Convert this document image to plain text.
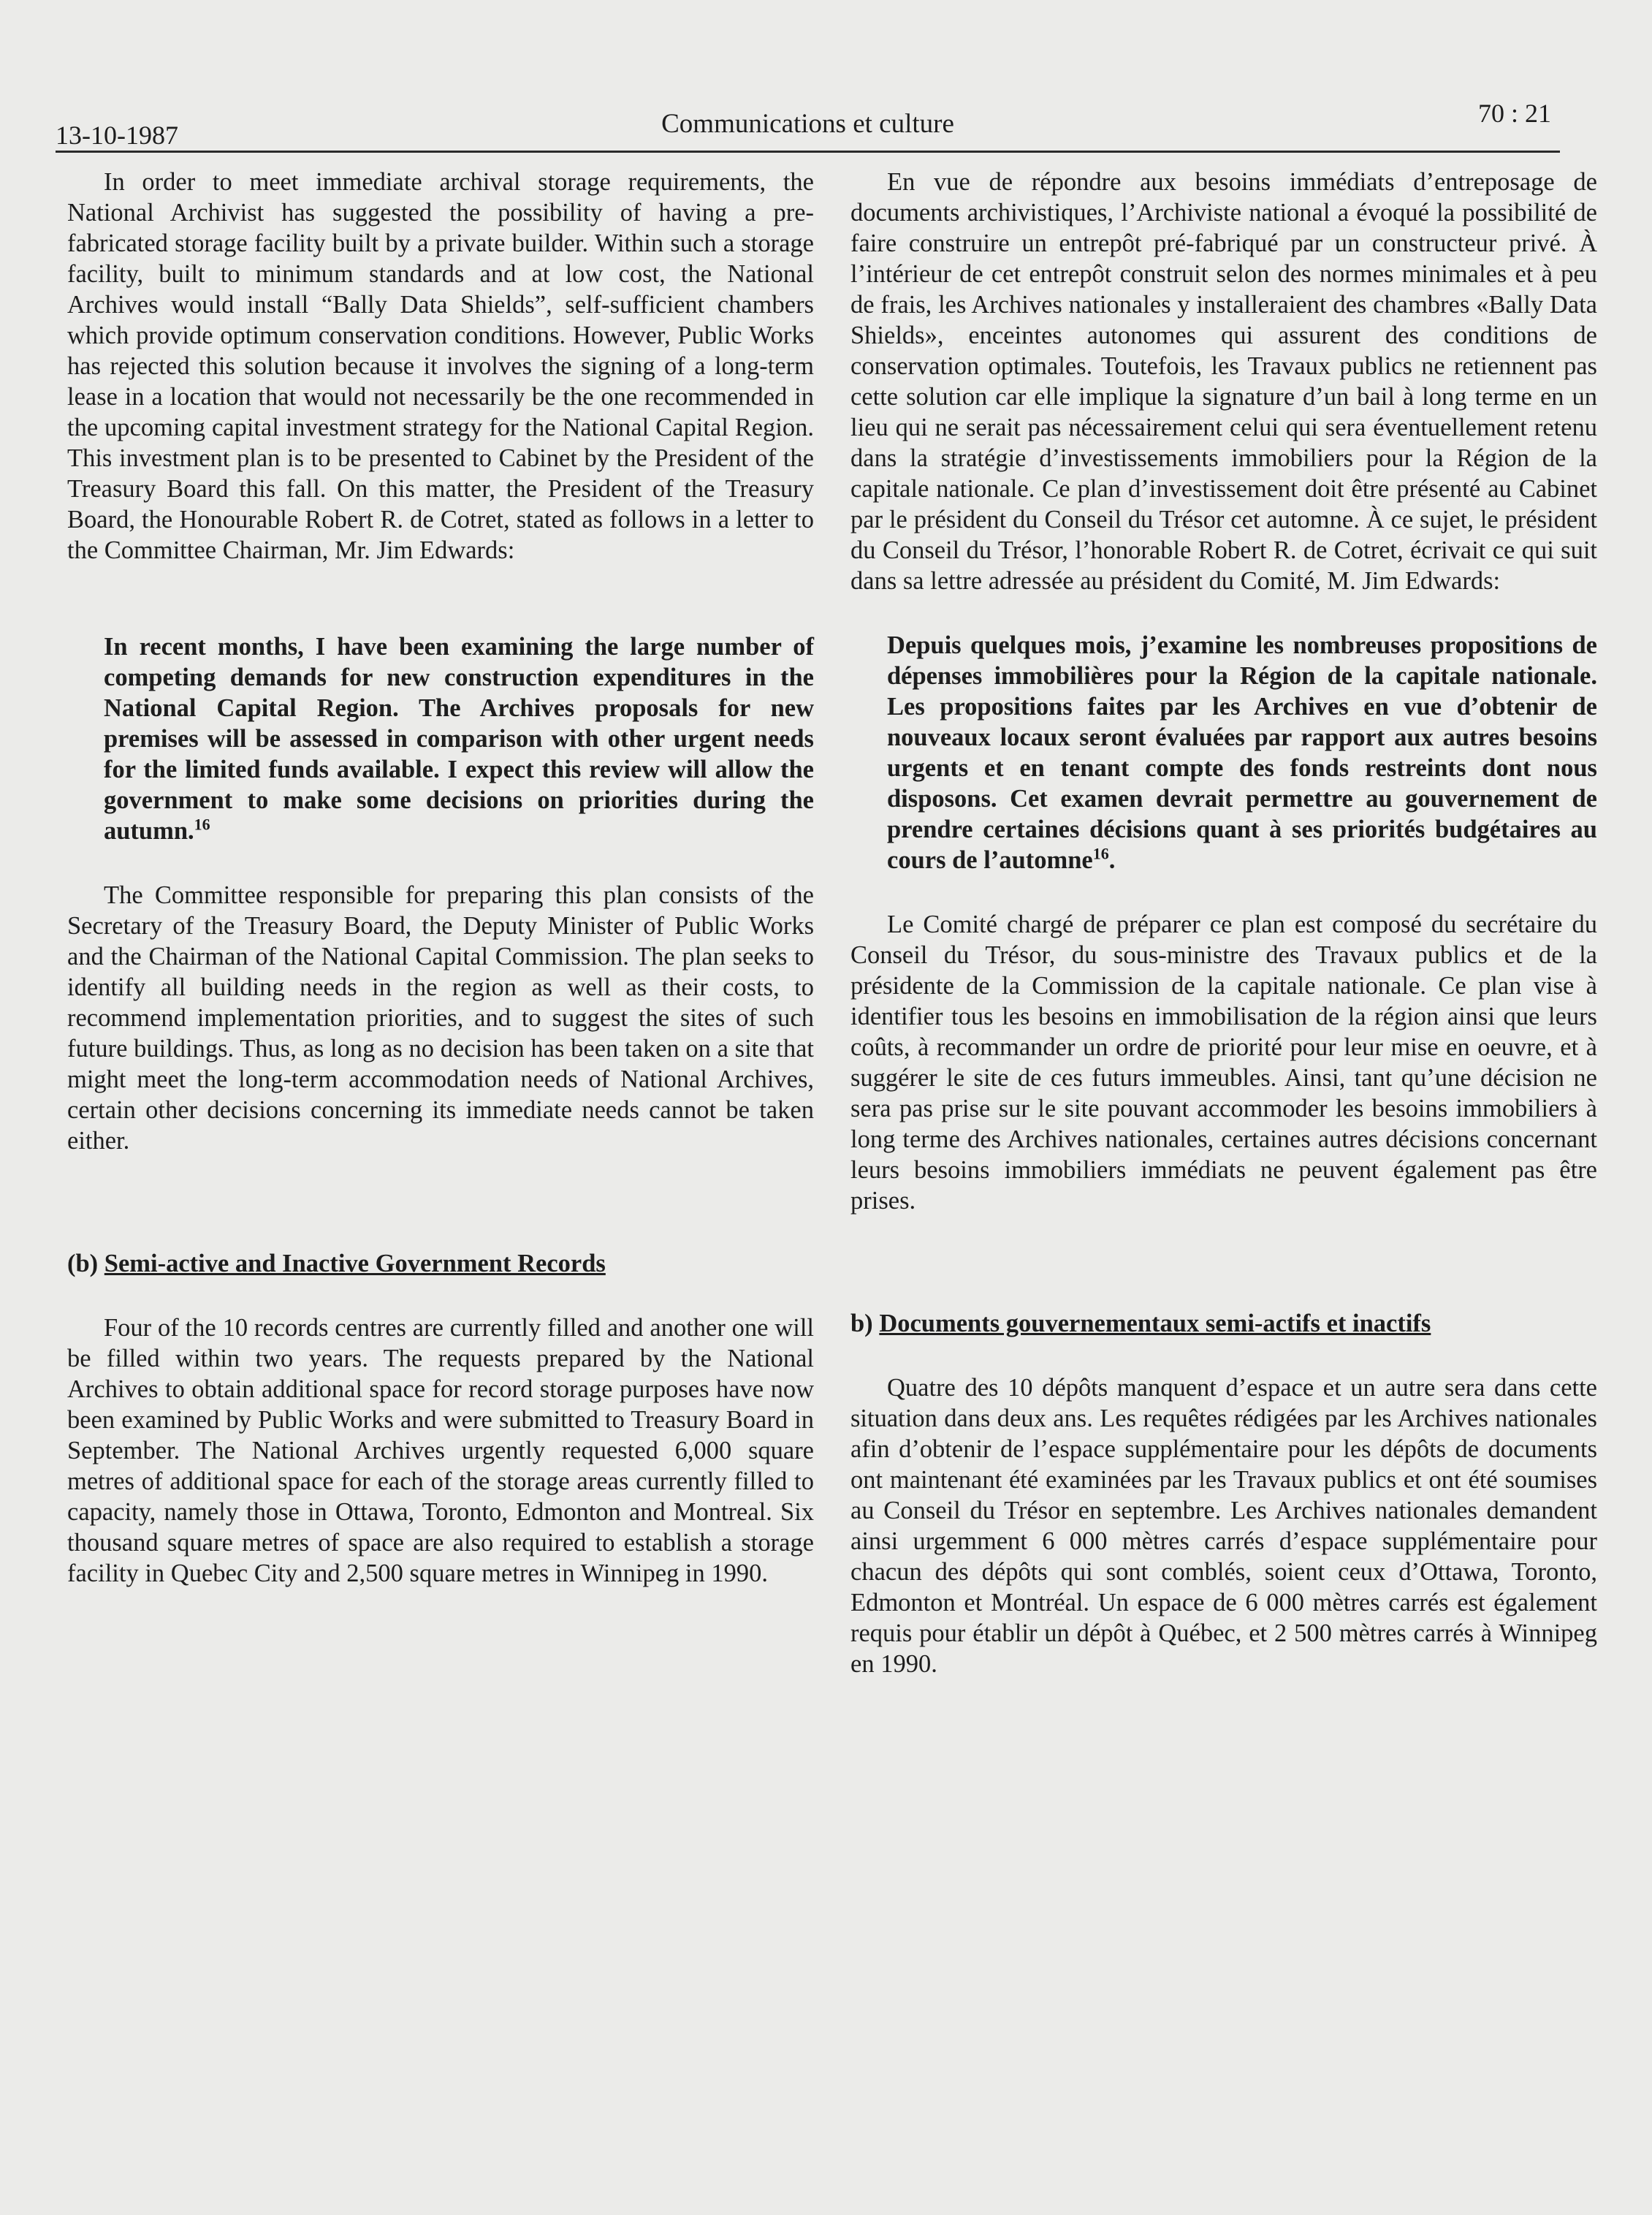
13-10-1987	Communications et culture	70 : 21

In order to meet immediate archival storage requirements, the National Archivist has suggested the possibility of having a pre-fabricated storage facility built by a private builder. Within such a storage facility, built to minimum standards and at low cost, the National Archives would install “Bally Data Shields”, self-sufficient chambers which provide optimum conservation conditions. However, Public Works has rejected this solution because it involves the signing of a long-term lease in a location that would not necessarily be the one recommended in the upcoming capital investment strategy for the National Capital Region. This investment plan is to be presented to Cabinet by the President of the Treasury Board this fall. On this matter, the President of the Treasury Board, the Honourable Robert R. de Cotret, stated as follows in a letter to the Committee Chairman, Mr. Jim Edwards:

In recent months, I have been examining the large number of competing demands for new construction expenditures in the National Capital Region. The Archives proposals for new premises will be assessed in comparison with other urgent needs for the limited funds available. I expect this review will allow the government to make some decisions on priorities during the autumn.$^{16}$

The Committee responsible for preparing this plan consists of the Secretary of the Treasury Board, the Deputy Minister of Public Works and the Chairman of the National Capital Commission. The plan seeks to identify all building needs in the region as well as their costs, to recommend implementation priorities, and to suggest the sites of such future buildings. Thus, as long as no decision has been taken on a site that might meet the long-term accommodation needs of National Archives, certain other decisions concerning its immediate needs cannot be taken either.

(b) Semi-active and Inactive Government Records

Four of the 10 records centres are currently filled and another one will be filled within two years. The requests prepared by the National Archives to obtain additional space for record storage purposes have now been examined by Public Works and were submitted to Treasury Board in September. The National Archives urgently requested 6,000 square metres of additional space for each of the storage areas currently filled to capacity, namely those in Ottawa, Toronto, Edmonton and Montreal. Six thousand square metres of space are also required to establish a storage facility in Quebec City and 2,500 square metres in Winnipeg in 1990.

En vue de répondre aux besoins immédiats d’entreposage de documents archivistiques, l’Archiviste national a évoqué la possibilité de faire construire un entrepôt pré-fabriqué par un constructeur privé. À l’intérieur de cet entrepôt construit selon des normes minimales et à peu de frais, les Archives nationales y installeraient des chambres «Bally Data Shields», enceintes autonomes qui assurent des conditions de conservation optimales. Toutefois, les Travaux publics ne retiennent pas cette solution car elle implique la signature d’un bail à long terme en un lieu qui ne serait pas nécessairement celui qui sera éventuellement retenu dans la stratégie d’investissements immobiliers pour la Région de la capitale nationale. Ce plan d’investissement doit être présenté au Cabinet par le président du Conseil du Trésor cet automne. À ce sujet, le président du Conseil du Trésor, l’honorable Robert R. de Cotret, écrivait ce qui suit dans sa lettre adressée au président du Comité, M. Jim Edwards:

Depuis quelques mois, j’examine les nombreuses propositions de dépenses immobilières pour la Région de la capitale nationale. Les propositions faites par les Archives en vue d’obtenir de nouveaux locaux seront évaluées par rapport aux autres besoins urgents et en tenant compte des fonds restreints dont nous disposons. Cet examen devrait permettre au gouvernement de prendre certaines décisions quant à ses priorités budgétaires au cours de l’automne$^{16}$.

Le Comité chargé de préparer ce plan est composé du secrétaire du Conseil du Trésor, du sous-ministre des Travaux publics et de la présidente de la Commission de la capitale nationale. Ce plan vise à identifier tous les besoins en immobilisation de la région ainsi que leurs coûts, à recommander un ordre de priorité pour leur mise en oeuvre, et à suggérer le site de ces futurs immeubles. Ainsi, tant qu’une décision ne sera pas prise sur le site pouvant accommoder les besoins immobiliers à long terme des Archives nationales, certaines autres décisions concernant leurs besoins immobiliers immédiats ne peuvent également pas être prises.

b) Documents gouvernementaux semi-actifs et inactifs

Quatre des 10 dépôts manquent d’espace et un autre sera dans cette situation dans deux ans. Les requêtes rédigées par les Archives nationales afin d’obtenir de l’espace supplémentaire pour les dépôts de documents ont maintenant été examinées par les Travaux publics et ont été soumises au Conseil du Trésor en septembre. Les Archives nationales demandent ainsi urgemment 6 000 mètres carrés d’espace supplémentaire pour chacun des dépôts qui sont comblés, soient ceux d’Ottawa, Toronto, Edmonton et Montréal. Un espace de 6 000 mètres carrés est également requis pour établir un dépôt à Québec, et 2 500 mètres carrés à Winnipeg en 1990.
